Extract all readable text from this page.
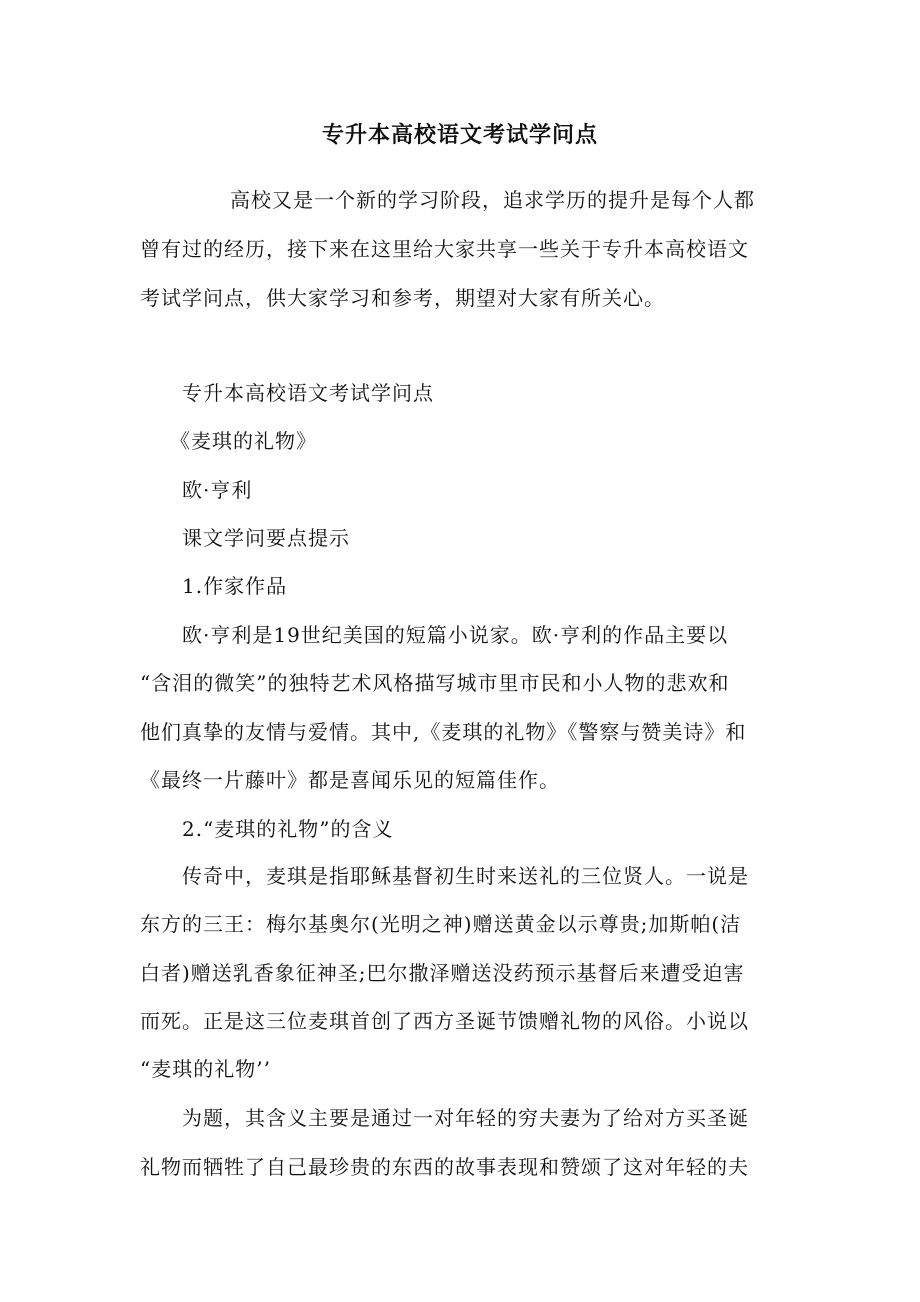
专升本高校语文考试学问点
高校又是一个新的学习阶段，追求学历的提升是每个人都
曾有过的经历，接下来在这里给大家共享一些关于专升本高校语文
考试学问点，供大家学习和参考，期望对大家有所关心。
专升本高校语文考试学问点
《麦琪的礼物》
欧·亨利
课文学问要点提示
1.作家作品
欧·亨利是19世纪美国的短篇小说家。欧·亨利的作品主要以
“含泪的微笑”的独特艺术风格描写城市里市民和小人物的悲欢和
他们真挚的友情与爱情。其中,《麦琪的礼物》《警察与赞美诗》和
《最终一片藤叶》都是喜闻乐见的短篇佳作。
2.“麦琪的礼物”的含义
传奇中，麦琪是指耶稣基督初生时来送礼的三位贤人。一说是
东方的三王：梅尔基奥尔(光明之神)赠送黄金以示尊贵;加斯帕(洁
白者)赠送乳香象征神圣;巴尔撒泽赠送没药预示基督后来遭受迫害
而死。正是这三位麦琪首创了西方圣诞节馈赠礼物的风俗。小说以
“麦琪的礼物’’
为题，其含义主要是通过一对年轻的穷夫妻为了给对方买圣诞
礼物而牺牲了自己最珍贵的东西的故事表现和赞颂了这对年轻的夫
